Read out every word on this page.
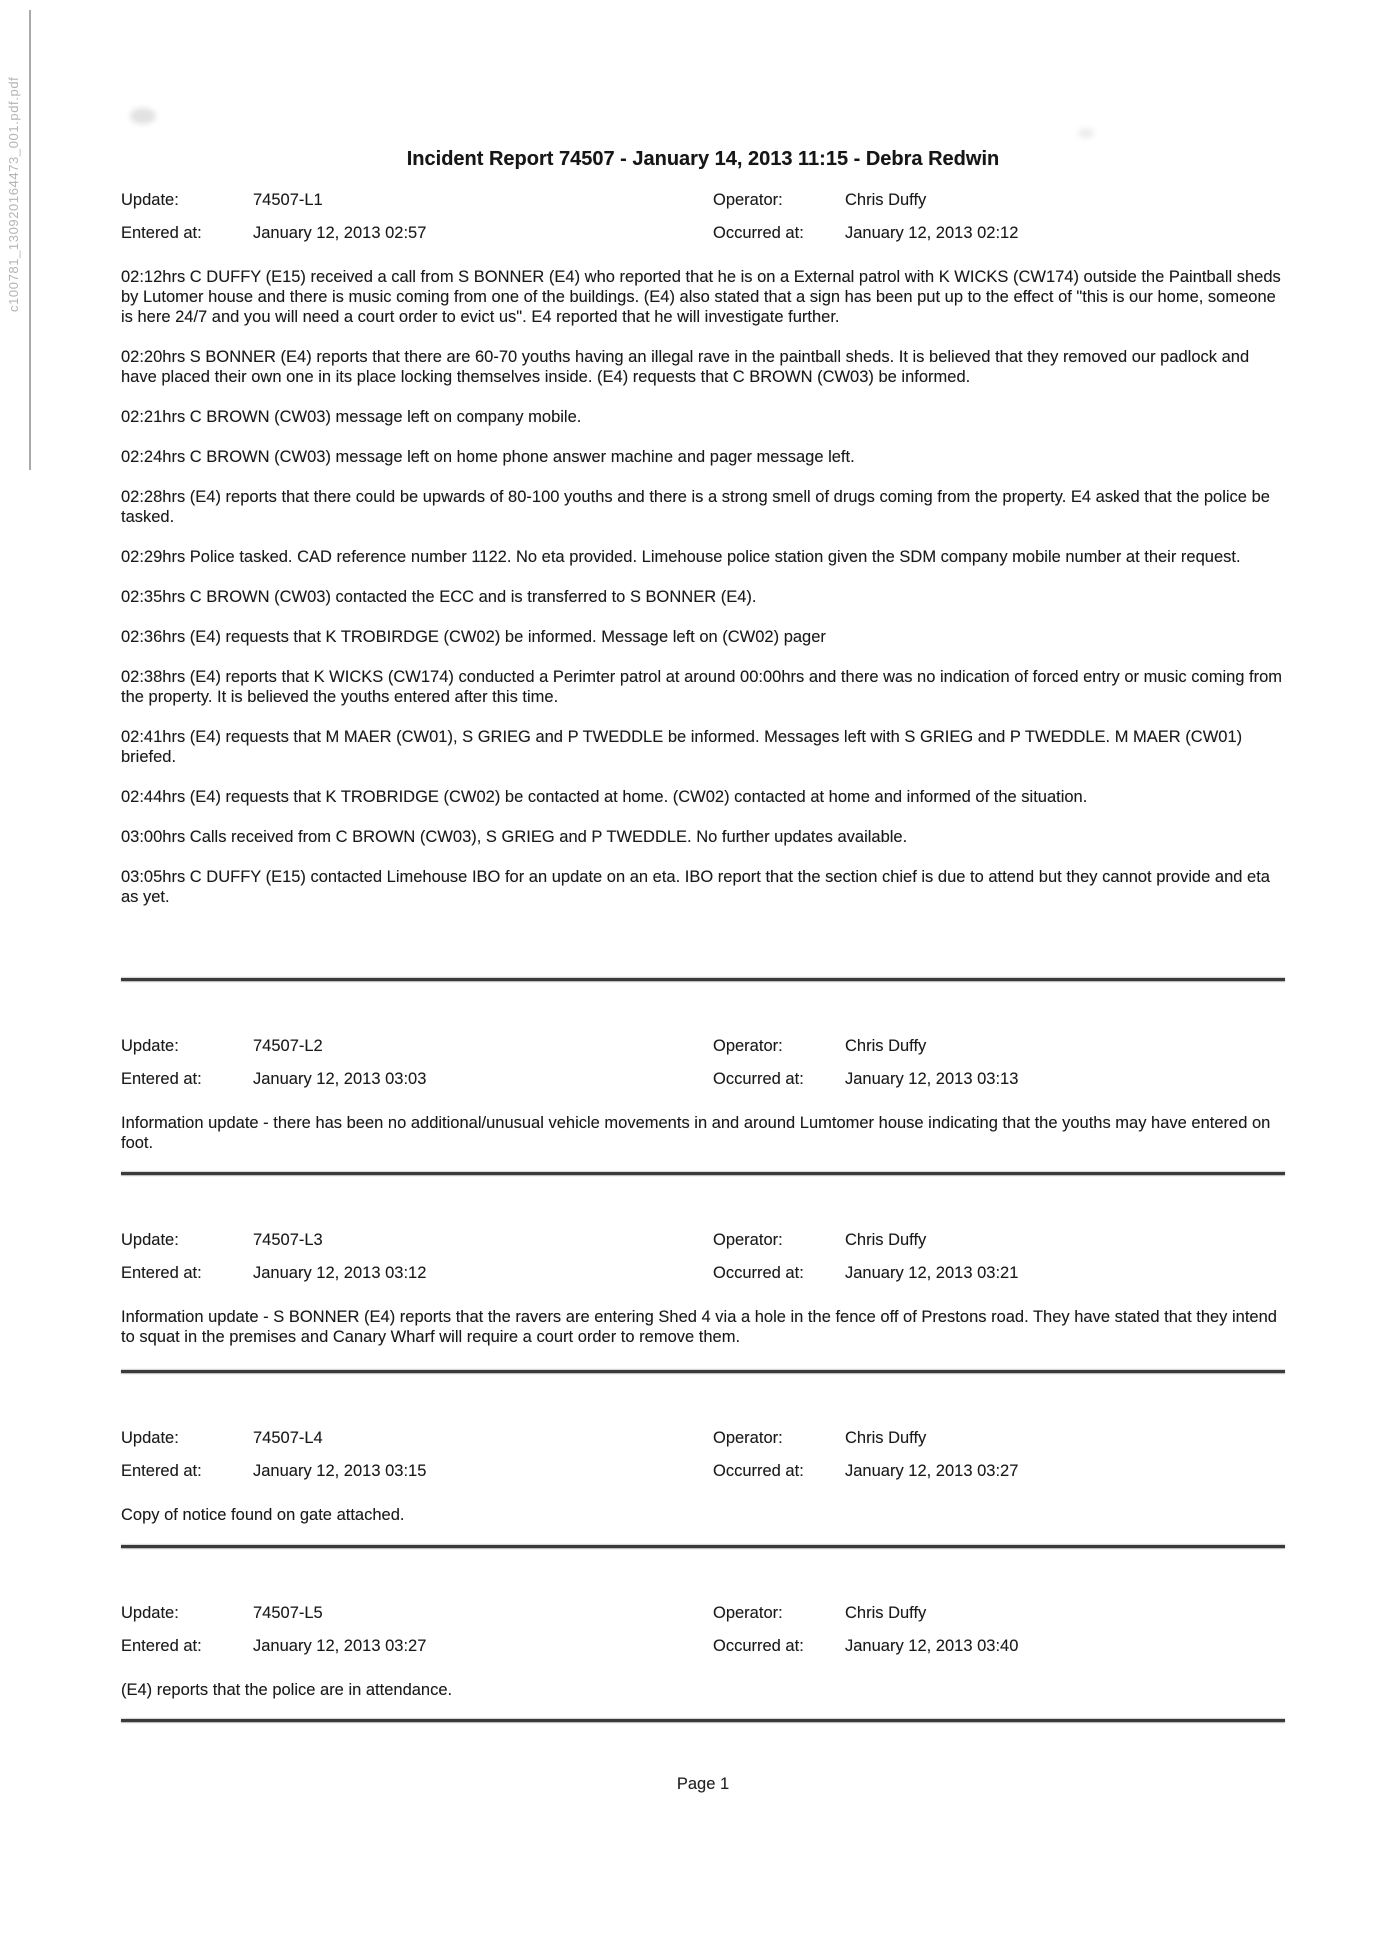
c100781_130920164473_001.pdf.pdf	Incident Report 74507 - January 14, 2013 11:15 - Debra Redwin
Update:	74507-L1	Operator:	Chris Duffy
Entered at:	January 12, 2013 02:57	Occurred at:	January 12, 2013 02:12

02:12hrs C DUFFY (E15) received a call from S BONNER (E4) who reported that he is on a External patrol with K WICKS (CW174) outside the Paintball sheds by Lutomer house and there is music coming from one of the buildings. (E4) also stated that a sign has been put up to the effect of "this is our home, someone is here 24/7 and you will need a court order to evict us". E4 reported that he will investigate further.

02:20hrs S BONNER (E4) reports that there are 60-70 youths having an illegal rave in the paintball sheds. It is believed that they removed our padlock and have placed their own one in its place locking themselves inside. (E4) requests that C BROWN (CW03) be informed.

02:21hrs C BROWN (CW03) message left on company mobile.

02:24hrs C BROWN (CW03) message left on home phone answer machine and pager message left.

02:28hrs (E4) reports that there could be upwards of 80-100 youths and there is a strong smell of drugs coming from the property. E4 asked that the police be tasked.

02:29hrs Police tasked. CAD reference number 1122. No eta provided. Limehouse police station given the SDM company mobile number at their request.

02:35hrs C BROWN (CW03) contacted the ECC and is transferred to S BONNER (E4).

02:36hrs (E4) requests that K TROBIRDGE (CW02) be informed. Message left on (CW02) pager

02:38hrs (E4) reports that K WICKS (CW174) conducted a Perimter patrol at around 00:00hrs and there was no indication of forced entry or music coming from the property. It is believed the youths entered after this time.

02:41hrs (E4) requests that M MAER (CW01), S GRIEG and P TWEDDLE be informed. Messages left with S GRIEG and P TWEDDLE. M MAER (CW01) briefed.

02:44hrs (E4) requests that K TROBRIDGE (CW02) be contacted at home. (CW02) contacted at home and informed of the situation.

03:00hrs Calls received from C BROWN (CW03), S GRIEG and P TWEDDLE. No further updates available.

03:05hrs C DUFFY (E15) contacted Limehouse IBO for an update on an eta. IBO report that the section chief is due to attend but they cannot provide and eta as yet.

Update:	74507-L2	Operator:	Chris Duffy
Entered at:	January 12, 2013 03:03	Occurred at:	January 12, 2013 03:13

Information update - there has been no additional/unusual vehicle movements in and around Lumtomer house indicating that the youths may have entered on foot.

Update:	74507-L3	Operator:	Chris Duffy
Entered at:	January 12, 2013 03:12	Occurred at:	January 12, 2013 03:21

Information update - S BONNER (E4) reports that the ravers are entering Shed 4 via a hole in the fence off of Prestons road. They have stated that they intend to squat in the premises and Canary Wharf will require a court order to remove them.

Update:	74507-L4	Operator:	Chris Duffy
Entered at:	January 12, 2013 03:15	Occurred at:	January 12, 2013 03:27

Copy of notice found on gate attached.

Update:	74507-L5	Operator:	Chris Duffy
Entered at:	January 12, 2013 03:27	Occurred at:	January 12, 2013 03:40

(E4) reports that the police are in attendance.

Page 1
